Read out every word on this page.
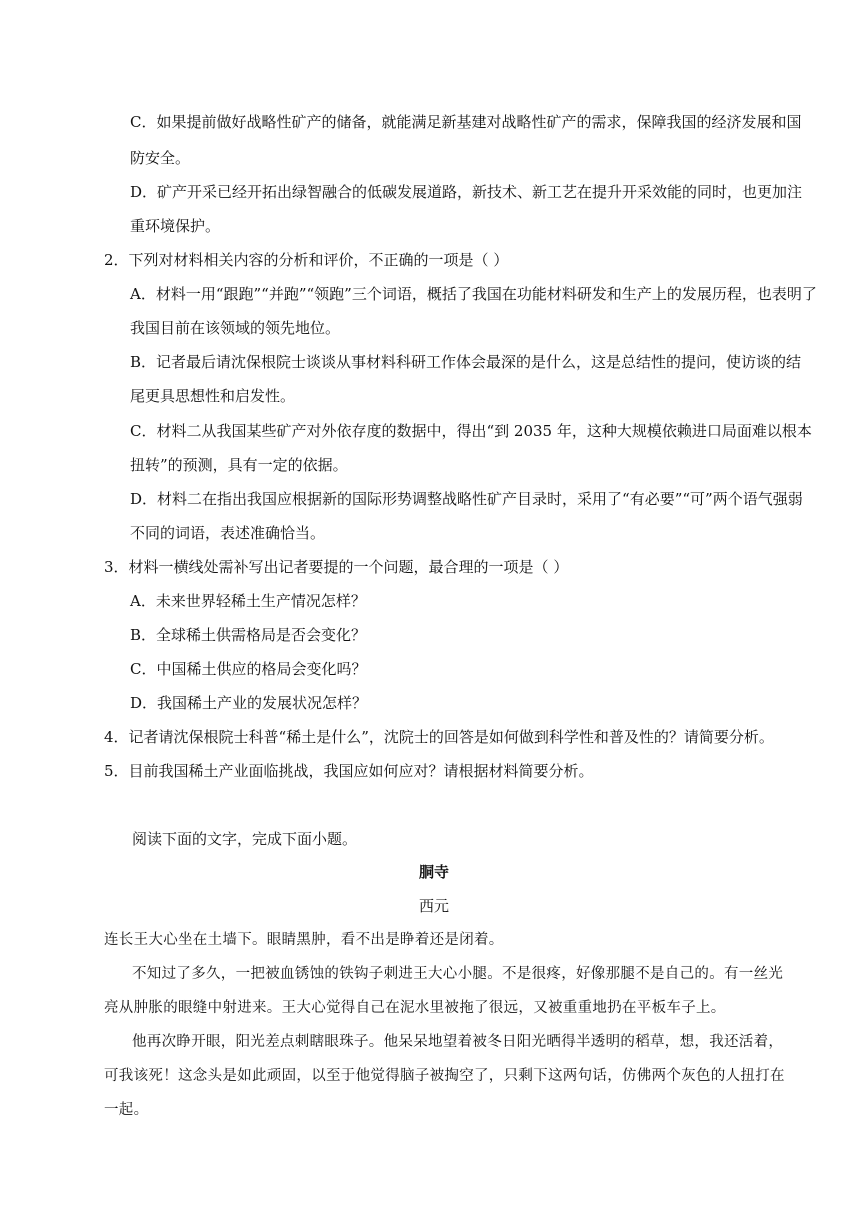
C．如果提前做好战略性矿产的储备，就能满足新基建对战略性矿产的需求，保障我国的经济发展和国
防安全。
D．矿产开采已经开拓出绿智融合的低碳发展道路，新技术、新工艺在提升开采效能的同时，也更加注
重环境保护。
2．下列对材料相关内容的分析和评价，不正确的一项是（ ）
A．材料一用“跟跑”“并跑”“领跑”三个词语，概括了我国在功能材料研发和生产上的发展历程，也表明了
我国目前在该领域的领先地位。
B．记者最后请沈保根院士谈谈从事材料科研工作体会最深的是什么，这是总结性的提问，使访谈的结
尾更具思想性和启发性。
C．材料二从我国某些矿产对外依存度的数据中，得出“到 2035 年，这种大规模依赖进口局面难以根本
扭转”的预测，具有一定的依据。
D．材料二在指出我国应根据新的国际形势调整战略性矿产目录时，采用了“有必要”“可”两个语气强弱
不同的词语，表述准确恰当。
3．材料一横线处需补写出记者要提的一个问题，最合理的一项是（ ）
A．未来世界轻稀土生产情况怎样？
B．全球稀土供需格局是否会变化？
C．中国稀土供应的格局会变化吗？
D．我国稀土产业的发展状况怎样？
4．记者请沈保根院士科普“稀土是什么”，沈院士的回答是如何做到科学性和普及性的？请简要分析。
5．目前我国稀土产业面临挑战，我国应如何应对？请根据材料简要分析。
阅读下面的文字，完成下面小题。
胴寺
西元
连长王大心坐在土墙下。眼睛黑肿，看不出是睁着还是闭着。
不知过了多久，一把被血锈蚀的铁钩子刺进王大心小腿。不是很疼，好像那腿不是自己的。有一丝光
亮从肿胀的眼缝中射进来。王大心觉得自己在泥水里被拖了很远，又被重重地扔在平板车子上。
他再次睁开眼，阳光差点刺瞎眼珠子。他呆呆地望着被冬日阳光晒得半透明的稻草，想，我还活着，
可我该死！这念头是如此顽固，以至于他觉得脑子被掏空了，只剩下这两句话，仿佛两个灰色的人扭打在
一起。
